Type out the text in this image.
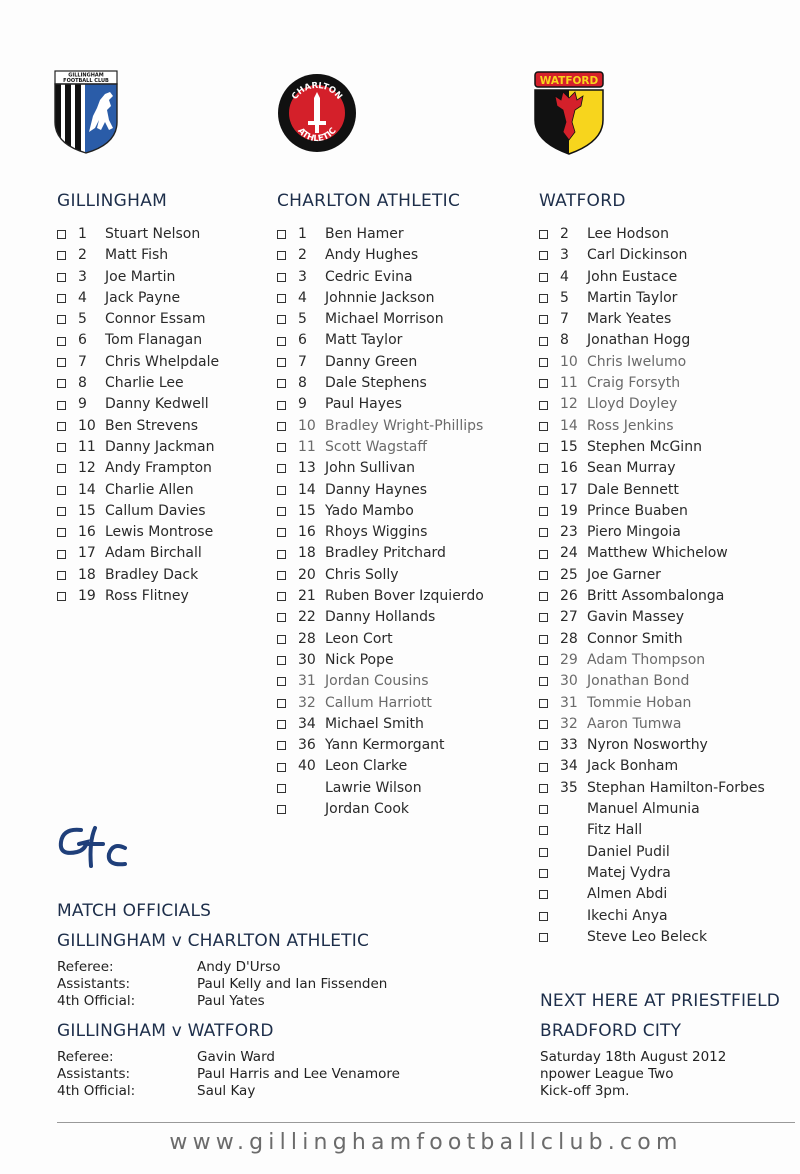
GILLINGHAM
FOOTBALL CLUB
CHARLTON
ATHLETIC
WATFORD
GILLINGHAM
1	Stuart Nelson
2	Matt Fish
3	Joe Martin
4	Jack Payne
5	Connor Essam
6	Tom Flanagan
7	Chris Whelpdale
8	Charlie Lee
9	Danny Kedwell
10 Ben Strevens
11 Danny Jackman
12 Andy Frampton
14 Charlie Allen
15 Callum Davies
16 Lewis Montrose
17 Adam Birchall
18 Bradley Dack
19 Ross Flitney
CHARLTON ATHLETIC
1	Ben Hamer
2	Andy Hughes
3	Cedric Evina
4	Johnnie Jackson
5	Michael Morrison
6	Matt Taylor
7	Danny Green
8	Dale Stephens
9	Paul Hayes
10 Bradley Wright-Phillips
11 Scott Wagstaff
13 John Sullivan
14 Danny Haynes
15 Yado Mambo
16 Rhoys Wiggins
18 Bradley Pritchard
20 Chris Solly
21 Ruben Bover Izquierdo
22 Danny Hollands
28 Leon Cort
30 Nick Pope
31 Jordan Cousins
32 Callum Harriott
34 Michael Smith
36 Yann Kermorgant
40 Leon Clarke
Lawrie Wilson
Jordan Cook
WATFORD
2	Lee Hodson
3	Carl Dickinson
4	John Eustace
5	Martin Taylor
7	Mark Yeates
8	Jonathan Hogg
10 Chris Iwelumo
11 Craig Forsyth
12 Lloyd Doyley
14 Ross Jenkins
15 Stephen McGinn
16 Sean Murray
17 Dale Bennett
19 Prince Buaben
23 Piero Mingoia
24 Matthew Whichelow
25 Joe Garner
26 Britt Assombalonga
27 Gavin Massey
28 Connor Smith
29 Adam Thompson
30 Jonathan Bond
31 Tommie Hoban
32 Aaron Tumwa
33 Nyron Nosworthy
34 Jack Bonham
35 Stephan Hamilton-Forbes
Manuel Almunia
Fitz Hall
Daniel Pudil
Matej Vydra
Almen Abdi
Ikechi Anya
Steve Leo Beleck
MATCH OFFICIALS
GILLINGHAM v CHARLTON ATHLETIC
Referee:	Andy D'Urso
Assistants:	Paul Kelly and Ian Fissenden
4th Official:	Paul Yates
GILLINGHAM v WATFORD
Referee:	Gavin Ward
Assistants:	Paul Harris and Lee Venamore
4th Official:	Saul Kay
NEXT HERE AT PRIESTFIELD
BRADFORD CITY
Saturday 18th August 2012
npower League Two
Kick-off 3pm.
www.gillinghamfootballclub.com
